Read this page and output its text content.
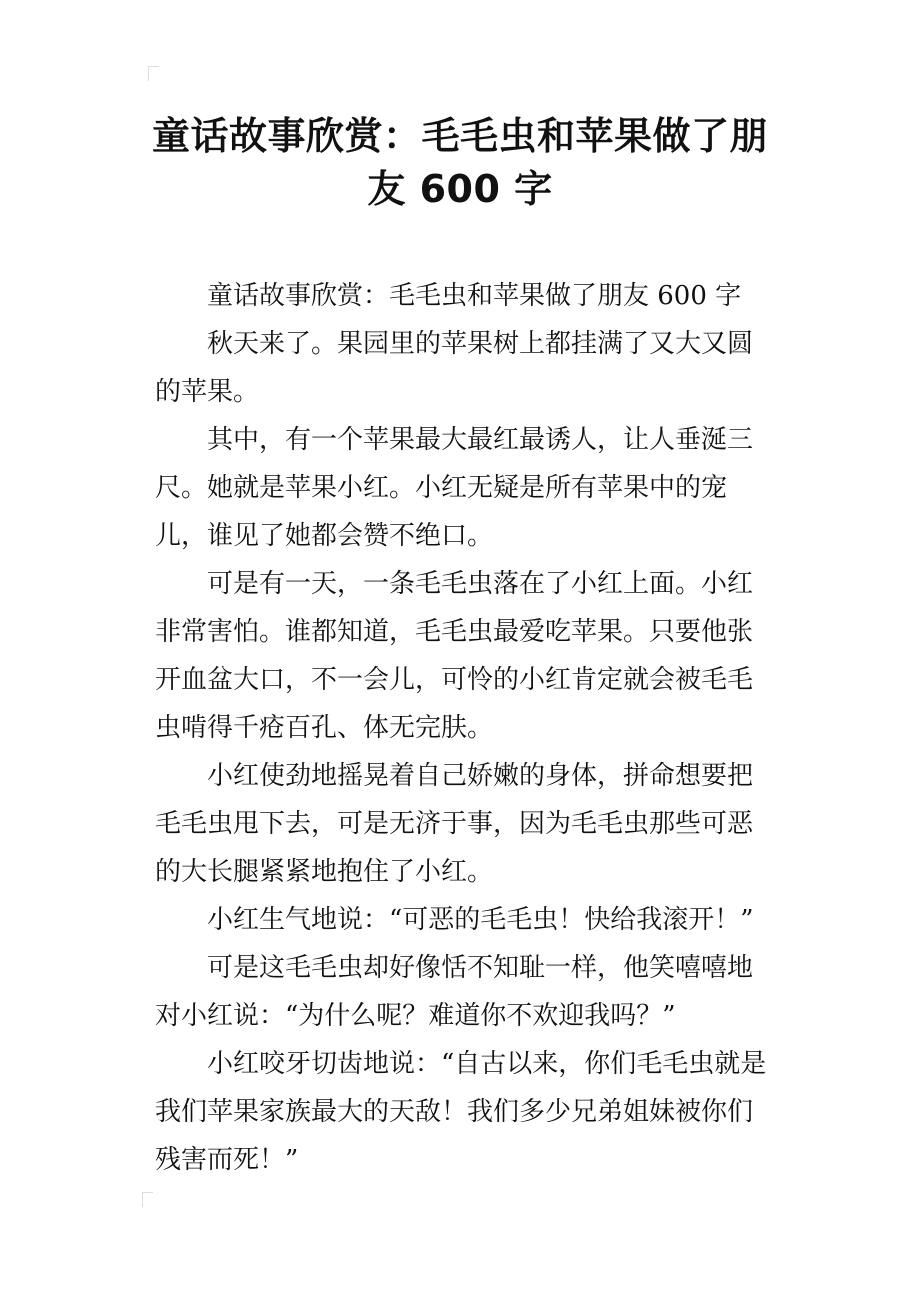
童话故事欣赏：毛毛虫和苹果做了朋
友 600 字

童话故事欣赏：毛毛虫和苹果做了朋友 600 字

秋天来了。果园里的苹果树上都挂满了又大又圆的苹果。

其中，有一个苹果最大最红最诱人，让人垂涎三尺。她就是苹果小红。小红无疑是所有苹果中的宠儿，谁见了她都会赞不绝口。

可是有一天，一条毛毛虫落在了小红上面。小红非常害怕。谁都知道，毛毛虫最爱吃苹果。只要他张开血盆大口，不一会儿，可怜的小红肯定就会被毛毛虫啃得千疮百孔、体无完肤。

小红使劲地摇晃着自己娇嫩的身体，拼命想要把毛毛虫甩下去，可是无济于事，因为毛毛虫那些可恶的大长腿紧紧地抱住了小红。

小红生气地说：“可恶的毛毛虫！快给我滚开！”

可是这毛毛虫却好像恬不知耻一样，他笑嘻嘻地对小红说：“为什么呢？难道你不欢迎我吗？”

小红咬牙切齿地说：“自古以来，你们毛毛虫就是我们苹果家族最大的天敌！我们多少兄弟姐妹被你们残害而死！”
